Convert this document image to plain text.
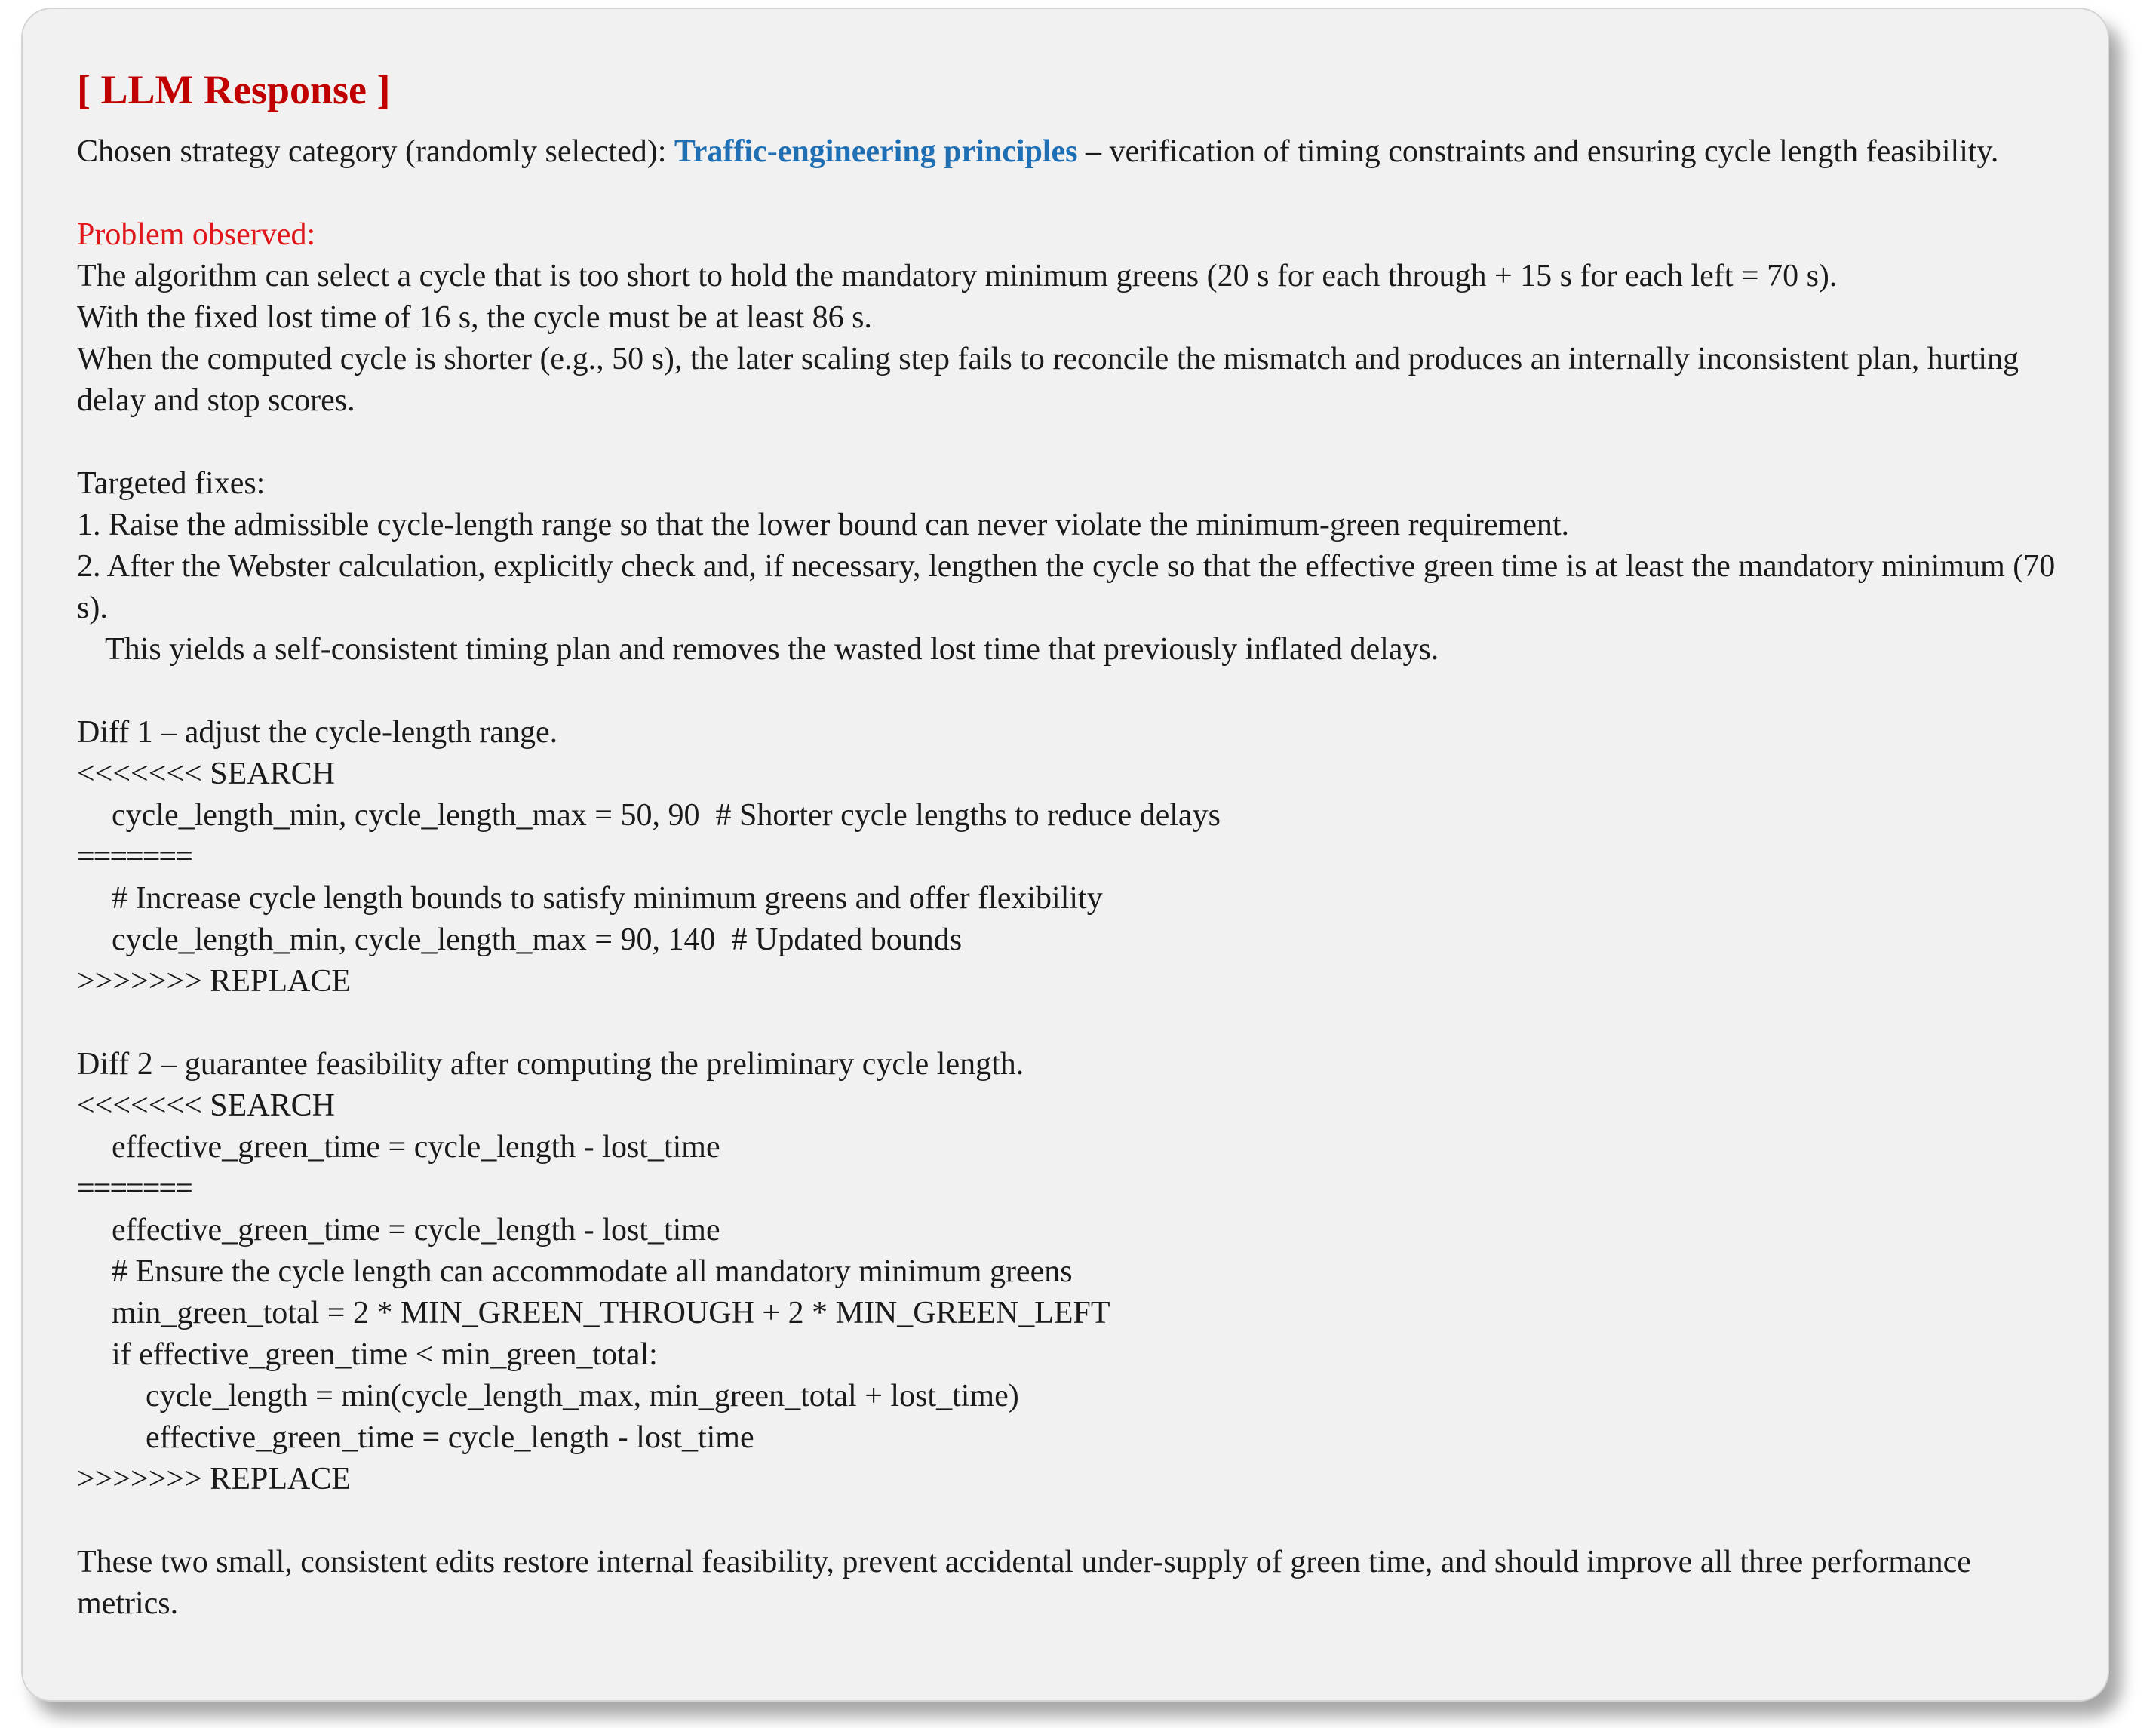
[ LLM Response ]

Chosen strategy category (randomly selected): Traffic-engineering principles – verification of timing constraints and ensuring cycle length feasibility.

Problem observed:

The algorithm can select a cycle that is too short to hold the mandatory minimum greens (20 s for each through + 15 s for each left = 70 s).

With the fixed lost time of 16 s, the cycle must be at least 86 s.

When the computed cycle is shorter (e.g., 50 s), the later scaling step fails to reconcile the mismatch and produces an internally inconsistent plan, hurting delay and stop scores.

Targeted fixes:

1. Raise the admissible cycle-length range so that the lower bound can never violate the minimum-green requirement.

2. After the Webster calculation, explicitly check and, if necessary, lengthen the cycle so that the effective green time is at least the mandatory minimum (70 s).

This yields a self-consistent timing plan and removes the wasted lost time that previously inflated delays.

Diff 1 – adjust the cycle-length range.

<<<<<<< SEARCH

cycle_length_min, cycle_length_max = 50, 90  # Shorter cycle lengths to reduce delays

=======

# Increase cycle length bounds to satisfy minimum greens and offer flexibility

cycle_length_min, cycle_length_max = 90, 140  # Updated bounds

>>>>>>> REPLACE

Diff 2 – guarantee feasibility after computing the preliminary cycle length.

<<<<<<< SEARCH

effective_green_time = cycle_length - lost_time

=======

effective_green_time = cycle_length - lost_time

# Ensure the cycle length can accommodate all mandatory minimum greens

min_green_total = 2 * MIN_GREEN_THROUGH + 2 * MIN_GREEN_LEFT

if effective_green_time < min_green_total:

cycle_length = min(cycle_length_max, min_green_total + lost_time)

effective_green_time = cycle_length - lost_time

>>>>>>> REPLACE

These two small, consistent edits restore internal feasibility, prevent accidental under-supply of green time, and should improve all three performance metrics.
